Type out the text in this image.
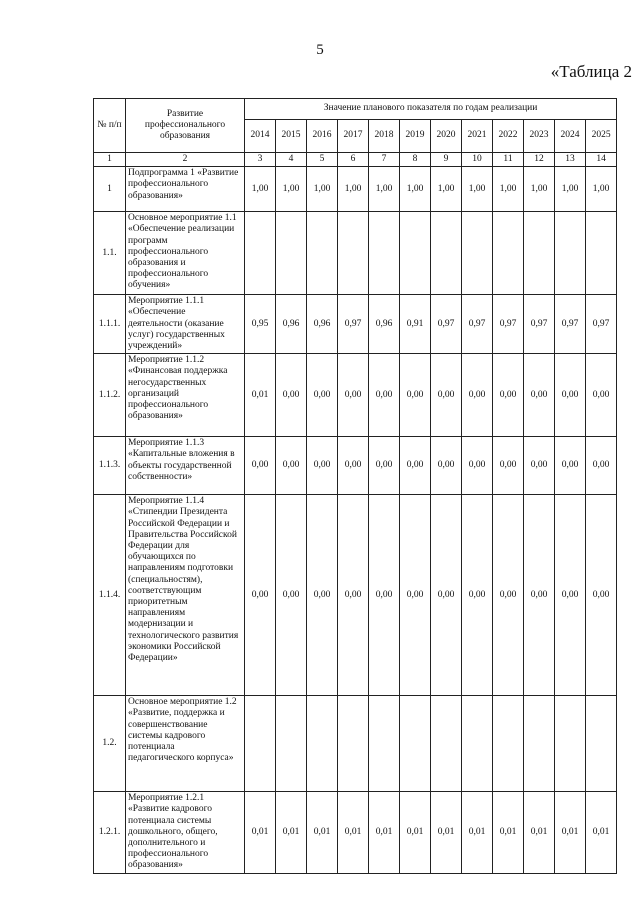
5
«Таблица 2
№ п/п	Развитие профессионального образования	Значение планового показателя по годам реализации											
		2014	2015	2016	2017	2018	2019	2020	2021	2022	2023	2024	2025
1	2	3	4	5	6	7	8	9	10	11	12	13	14
1	Подпрограмма 1 «Развитие профессионального образования»	1,00	1,00	1,00	1,00	1,00	1,00	1,00	1,00	1,00	1,00	1,00	1,00
1.1.	Основное мероприятие 1.1 «Обеспечение реализации программ профессионального образования и профессионального обучения»												
1.1.1.	Мероприятие 1.1.1 «Обеспечение деятельности (оказание услуг) государственных учреждений»	0,95	0,96	0,96	0,97	0,96	0,91	0,97	0,97	0,97	0,97	0,97	0,97
1.1.2.	Мероприятие 1.1.2 «Финансовая поддержка негосударственных организаций профессионального образования»	0,01	0,00	0,00	0,00	0,00	0,00	0,00	0,00	0,00	0,00	0,00	0,00
1.1.3.	Мероприятие 1.1.3 «Капитальные вложения в объекты государственной собственности»	0,00	0,00	0,00	0,00	0,00	0,00	0,00	0,00	0,00	0,00	0,00	0,00
1.1.4.	Мероприятие 1.1.4 «Стипендии Президента Российской Федерации и Правительства Российской Федерации для обучающихся по направлениям подготовки (специальностям), соответствующим приоритетным направлениям модернизации и технологического развития экономики Российской Федерации»	0,00	0,00	0,00	0,00	0,00	0,00	0,00	0,00	0,00	0,00	0,00	0,00
1.2.	Основное мероприятие 1.2 «Развитие, поддержка и совершенствование системы кадрового потенциала педагогического корпуса»												
1.2.1.	Мероприятие 1.2.1 «Развитие кадрового потенциала системы дошкольного, общего, дополнительного и профессионального образования»	0,01	0,01	0,01	0,01	0,01	0,01	0,01	0,01	0,01	0,01	0,01	0,01
